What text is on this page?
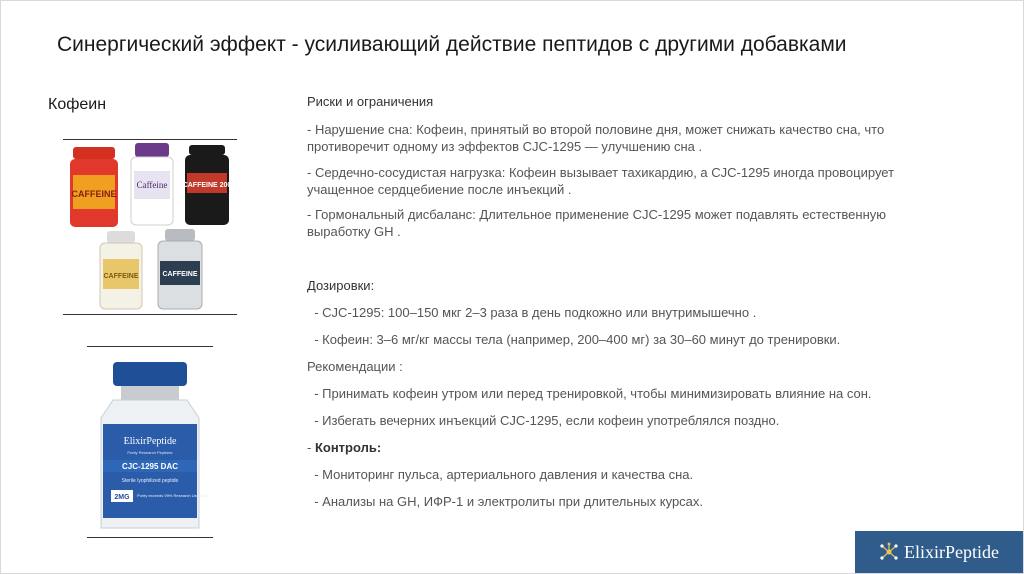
Синергический эффект - усиливающий действие пептидов с другими добавками
Кофеин
CAFFEINE
Caffeine CAFFEINE 200
CAFFEINE	CAFFEINE
ElixirPeptide
Purity Research Peptides
CJC-1295 DAC
Sterile lyophilized peptide
2MG Purity exceeds 99% Research Use Only

Риски и ограничения

- Нарушение сна: Кофеин, принятый во второй половине дня, может снижать качество сна, что противоречит одному из эффектов CJC-1295 — улучшению сна .

- Сердечно-сосудистая нагрузка: Кофеин вызывает тахикардию, а CJC-1295 иногда провоцирует учащенное сердцебиение после инъекций .

- Гормональный дисбаланс: Длительное применение CJC-1295 может подавлять естественную выработку GH .

Дозировки:

- CJC-1295: 100–150 мкг 2–3 раза в день подкожно или внутримышечно .

- Кофеин: 3–6 мг/кг массы тела (например, 200–400 мг) за 30–60 минут до тренировки.

Рекомендации :

- Принимать кофеин утром или перед тренировкой, чтобы минимизировать влияние на сон.

- Избегать вечерних инъекций CJC-1295, если кофеин употреблялся поздно.

- Контроль:

- Мониторинг пульса, артериального давления и качества сна.

- Анализы на GH, ИФР-1 и электролиты при длительных курсах.

ElixirPeptide
